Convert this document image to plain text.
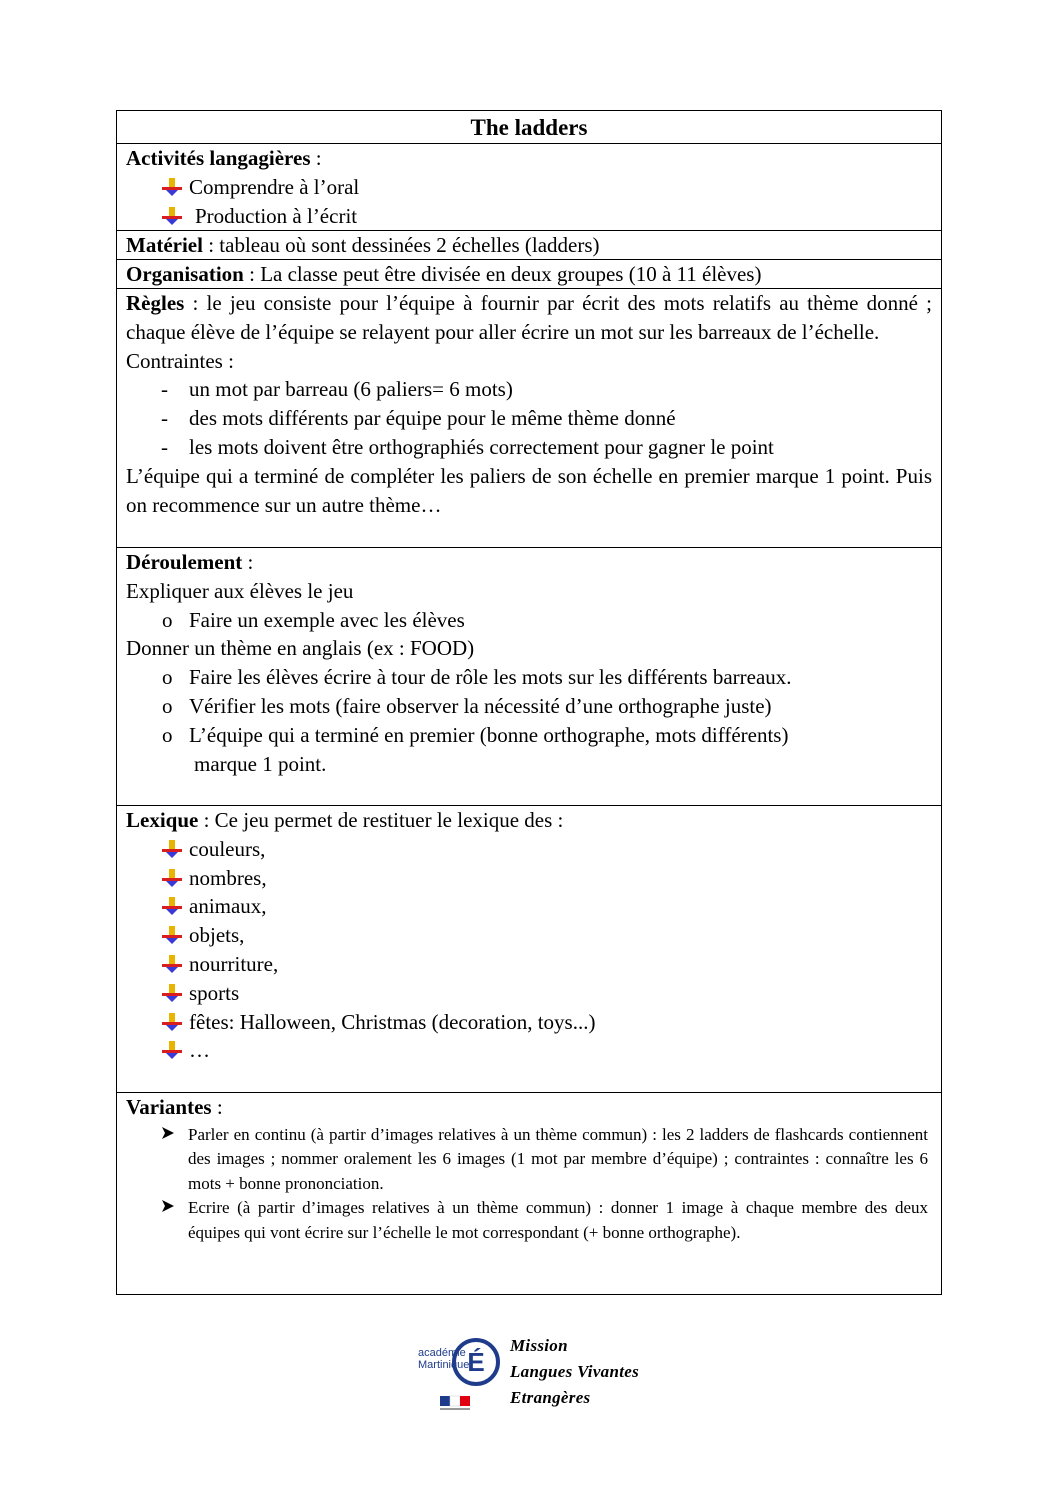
The ladders
Activités langagières :
Comprendre à l’oral
Production à l’écrit
Matériel : tableau où sont dessinées 2 échelles (ladders)
Organisation : La classe peut être divisée en deux groupes (10 à 11 élèves)
Règles : le jeu consiste pour l’équipe à fournir par écrit des mots relatifs au thème donné ; chaque élève de l’équipe se relayent pour aller écrire un mot sur les barreaux de l’échelle.
Contraintes :
- un mot par barreau (6 paliers= 6 mots)
- des mots différents par équipe pour le même thème donné
- les mots doivent être orthographiés correctement pour gagner le point
L’équipe qui a terminé de compléter les paliers de son échelle en premier marque 1 point. Puis on recommence sur un autre thème…
Déroulement :
Expliquer aux élèves le jeu
o Faire un exemple avec les élèves
Donner un thème en anglais (ex : FOOD)
o Faire les élèves écrire à tour de rôle les mots sur les différents barreaux.
o Vérifier les mots (faire observer la nécessité d’une orthographe juste)
o L’équipe qui a terminé en premier (bonne orthographe, mots différents)
marque 1 point.
Lexique : Ce jeu permet de restituer le lexique des :
couleurs,
nombres,
animaux,
objets,
nourriture,
sports
fêtes: Halloween, Christmas (decoration, toys...)
…
Variantes :
Parler en continu (à partir d’images relatives à un thème commun) : les 2 ladders de flashcards contiennent des images ; nommer oralement les 6 images (1 mot par membre d’équipe) ; contraintes : connaître les 6 mots + bonne prononciation.
Ecrire (à partir d’images relatives à un thème commun) : donner 1 image à chaque membre des deux équipes qui vont écrire sur l’échelle le mot correspondant (+ bonne orthographe).
É
académie
Martinique
Mission
Langues Vivantes
Etrangères
